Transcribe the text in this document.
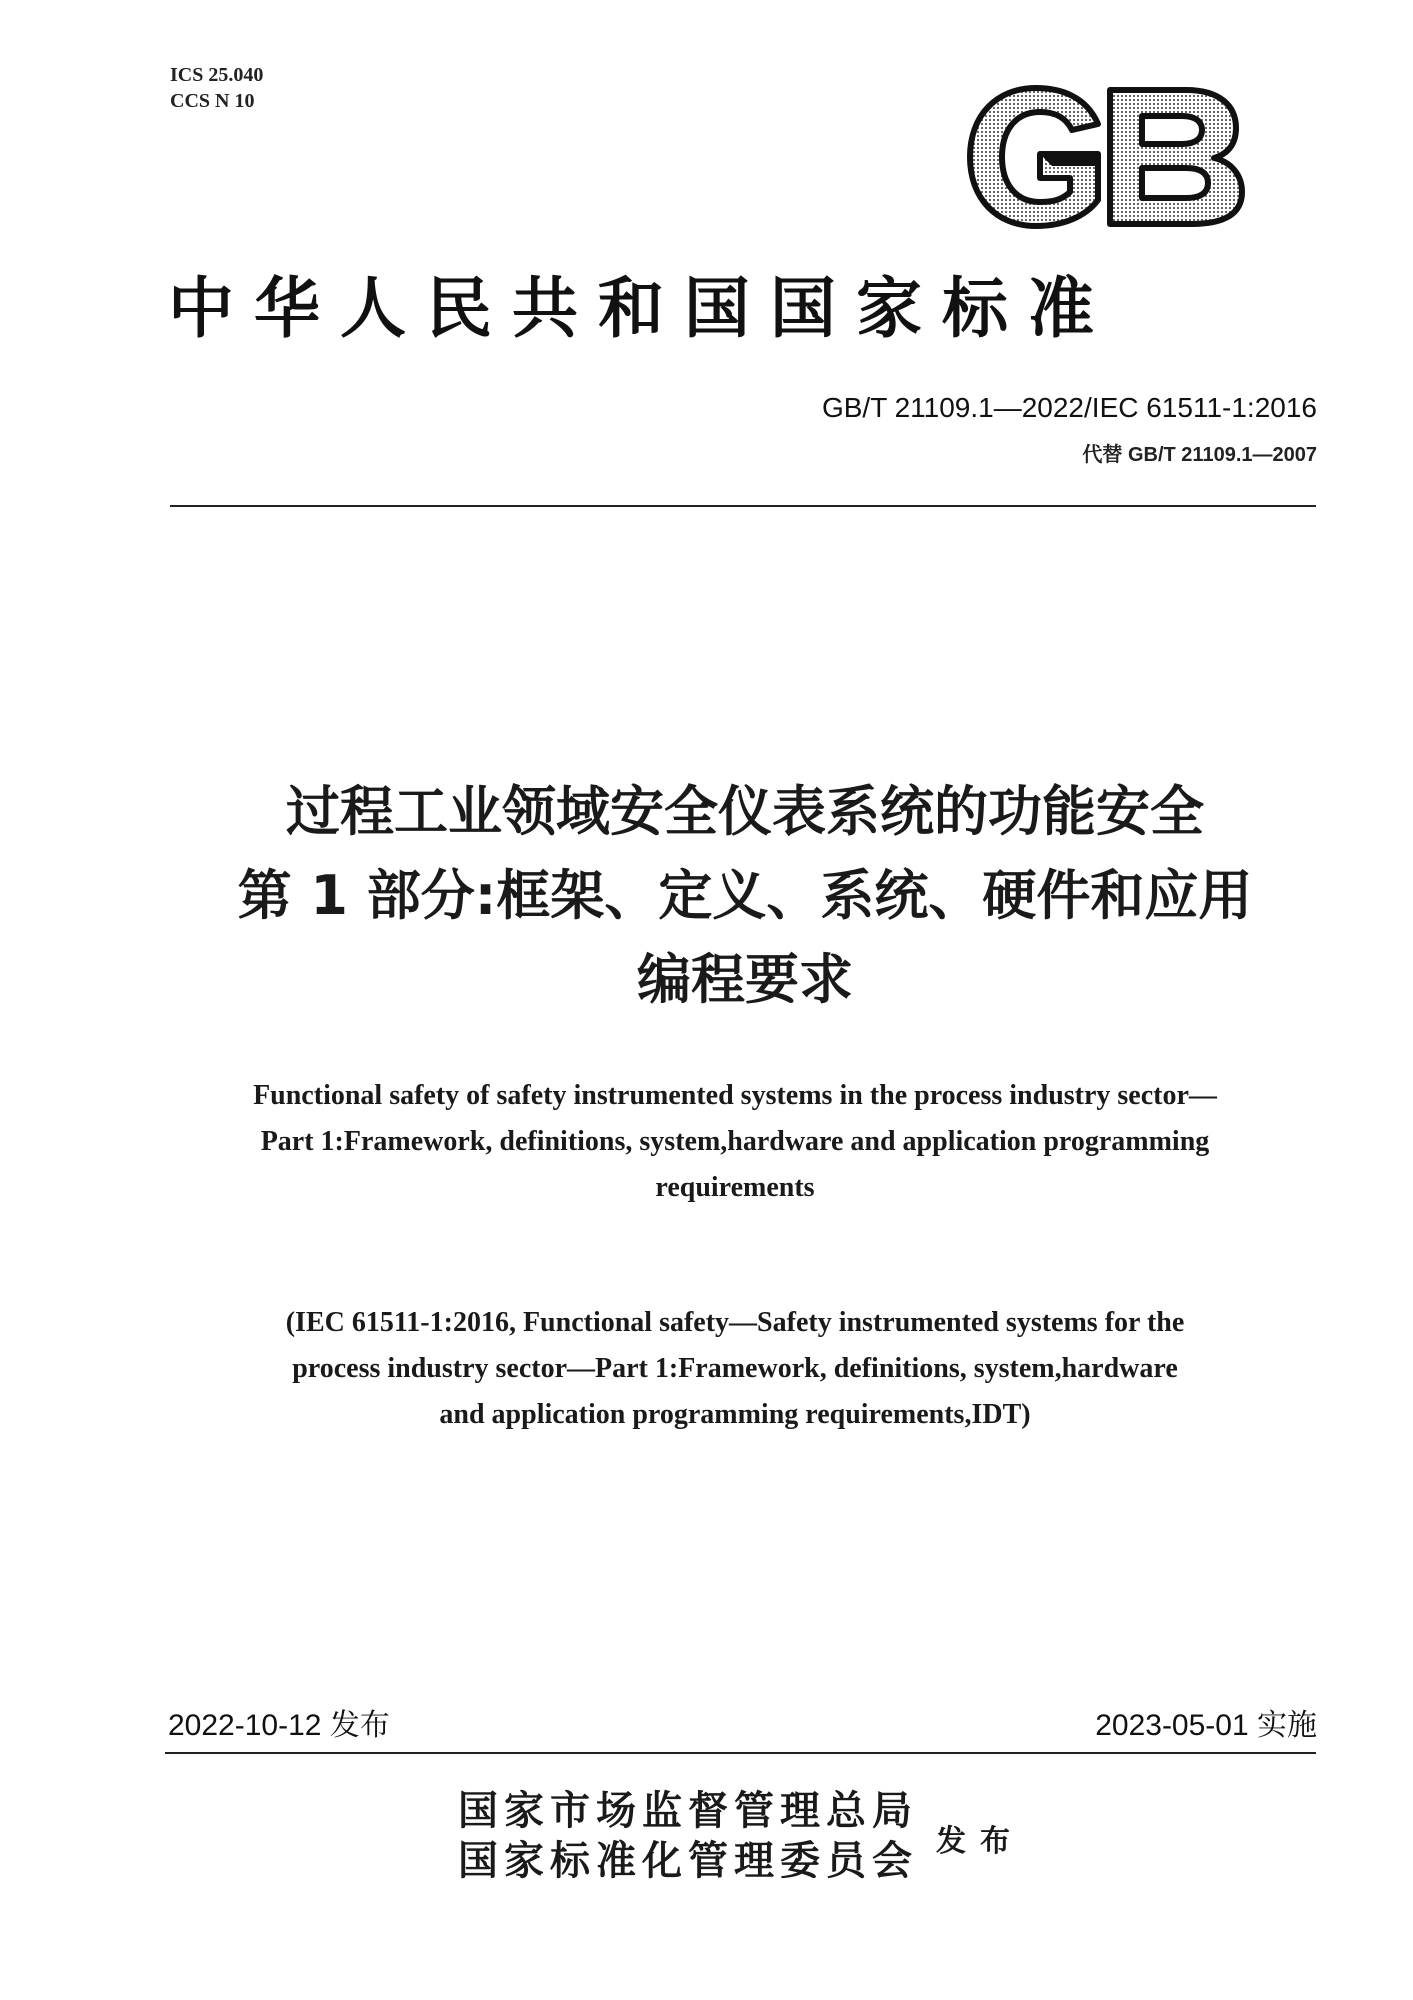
ICS 25.040
CCS N 10
GB
中华人民共和国国家标准
GB/T 21109.1—2022/IEC 61511-1:2016
代替 GB/T 21109.1—2007
过程工业领域安全仪表系统的功能安全
第 1 部分:框架、定义、系统、硬件和应用
编程要求
Functional safety of safety instrumented systems in the process industry sector—
Part 1:Framework, definitions, system,hardware and application programming
requirements
(IEC 61511-1:2016, Functional safety—Safety instrumented systems for the
process industry sector—Part 1:Framework, definitions, system,hardware
and application programming requirements,IDT)
2022-10-12 发布	2023-05-01 实施
国家市场监督管理总局
国家标准化管理委员会 发布
